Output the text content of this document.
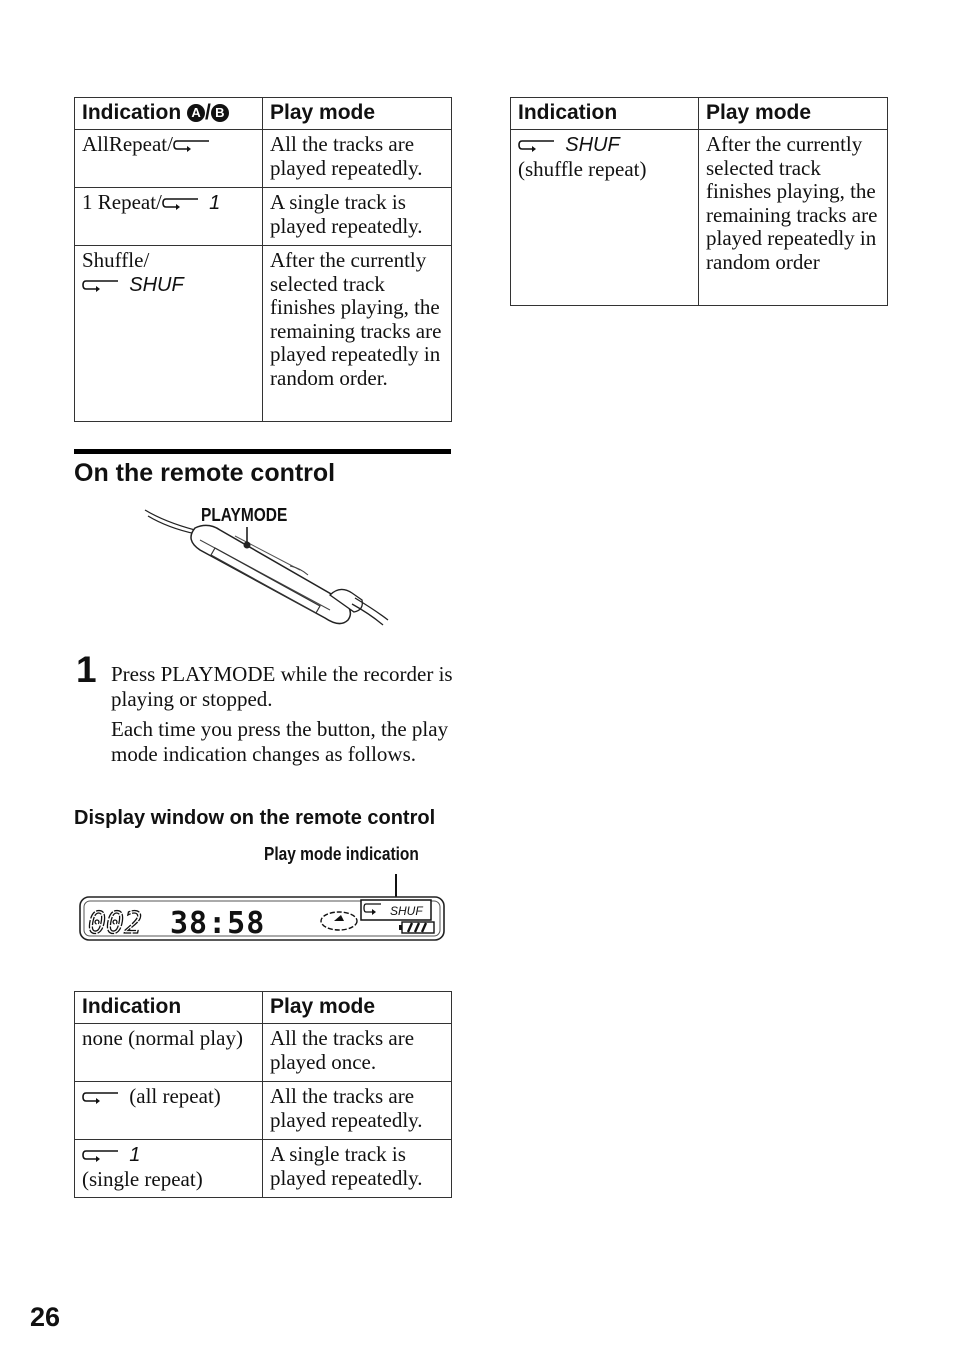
Indication A / B	Play mode
AllRepeat/	All the tracks are played repeatedly.
1 Repeat/ 1	A single track is played repeatedly.
Shuffle/
SHUF	After the currently selected track finishes playing, the remaining tracks are played repeatedly in random order.
Indication	Play mode
SHUF
(shuffle repeat)	After the currently selected track finishes playing, the remaining tracks are played repeatedly in random order
On the remote control
PLAYMODE
1 Press PLAYMODE while the recorder is playing or stopped.
Each time you press the button, the play mode indication changes as follows.
Display window on the remote control
Play mode indication
002 38:58	SHUF
Indication	Play mode
none (normal play)	All the tracks are played once.
(all repeat)	All the tracks are played repeatedly.
1
(single repeat)	A single track is played repeatedly.
26
